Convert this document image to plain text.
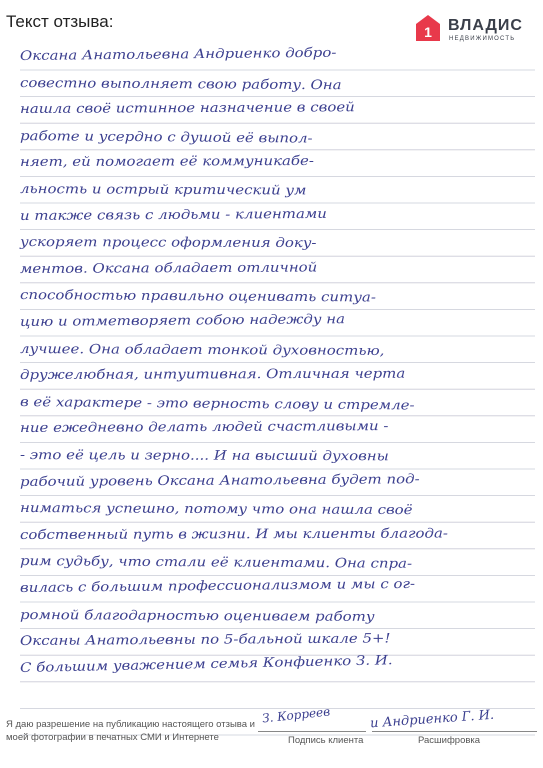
Текст отзыва:
1 ВЛАДИС
НЕДВИЖИМОСТЬ
Оксана Анатольевна Андриенко добро-
совестно выполняет свою работу. Она
нашла своё истинное назначение в своей
работе и усердно с душой её выпол-
няет, ей помогает её коммуникабе-
льность и острый критический ум
и также связь с людьми - клиентами
ускоряет процесс оформления доку-
ментов. Оксана обладает отличной
способностью правильно оценивать ситуа-
цию и отметворяет собою надежду на
лучшее. Она обладает тонкой духовностью,
дружелюбная, интуитивная. Отличная черта
в её характере - это верность слову и стремле-
ние ежедневно делать людей счастливыми -
- это её цель и зерно.... И на высший духовны
рабочий уровень Оксана Анатольевна будет под-
ниматься успешно, потому что она нашла своё
собственный путь в жизни. И мы клиенты благода-
рим судьбу, что стали её клиентами. Она спра-
вилась с большим профессионализмом и мы с ог-
ромной благодарностью оцениваем работу
Оксаны Анатольевны по 5-бальной шкале 5+!
С большим уважением семья Конфиенко З. И.
Я даю разрешение на публикацию настоящего отзыва и моей фотографии в печатных СМИ и Интернете
З. Корреев
Подпись клиента
и Андриенко Г. И.
Расшифровка
